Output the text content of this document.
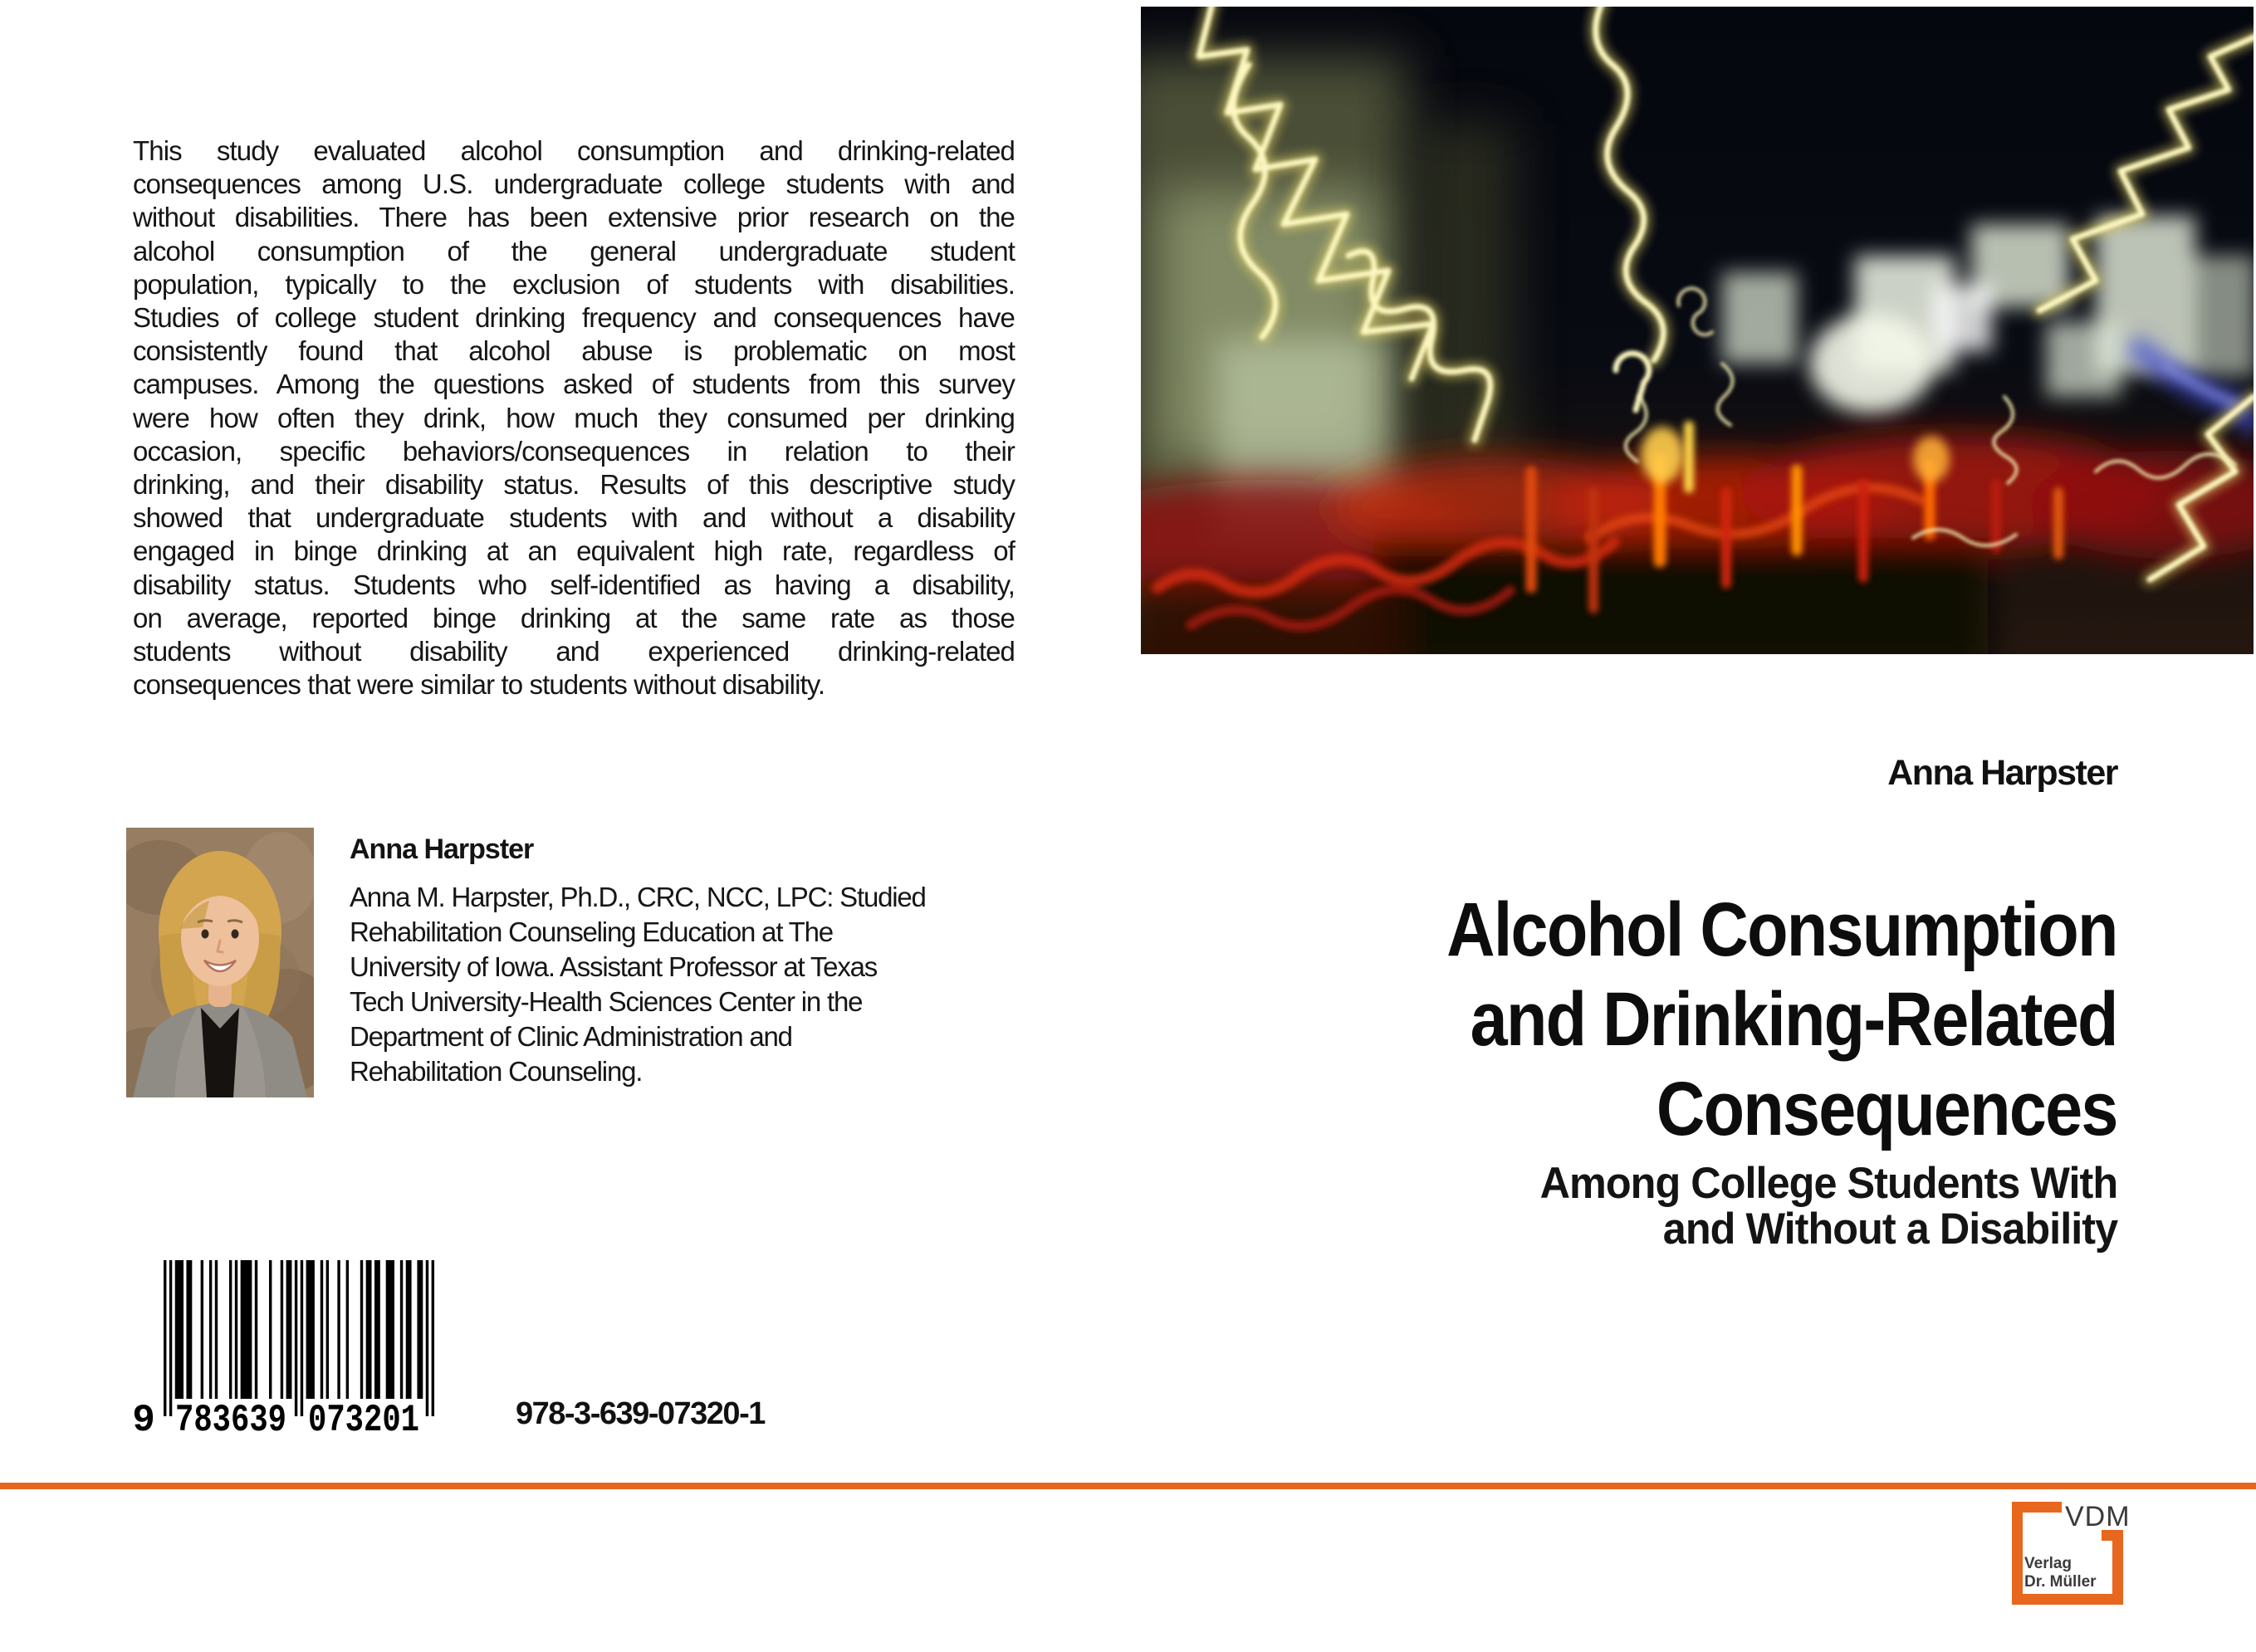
This study evaluated alcohol consumption and drinking-related
consequences among U.S. undergraduate college students with and
without disabilities. There has been extensive prior research on the
alcohol consumption of the general undergraduate student
population, typically to the exclusion of students with disabilities.
Studies of college student drinking frequency and consequences have
consistently found that alcohol abuse is problematic on most
campuses. Among the questions asked of students from this survey
were how often they drink, how much they consumed per drinking
occasion, specific behaviors/consequences in relation to their
drinking, and their disability status. Results of this descriptive study
showed that undergraduate students with and without a disability
engaged in binge drinking at an equivalent high rate, regardless of
disability status. Students who self-identified as having a disability,
on average, reported binge drinking at the same rate as those
students without disability and experienced drinking-related
consequences that were similar to students without disability.
Anna Harpster
Anna M. Harpster, Ph.D., CRC, NCC, LPC: Studied
Rehabilitation Counseling Education at The
University of Iowa. Assistant Professor at Texas
Tech University-Health Sciences Center in the
Department of Clinic Administration and
Rehabilitation Counseling.
9 783639 073201	978-3-639-07320-1
Anna Harpster
Alcohol Consumption
and Drinking-Related
Consequences
Among College Students With
and Without a Disability
VDM
Verlag
Dr. Müller
